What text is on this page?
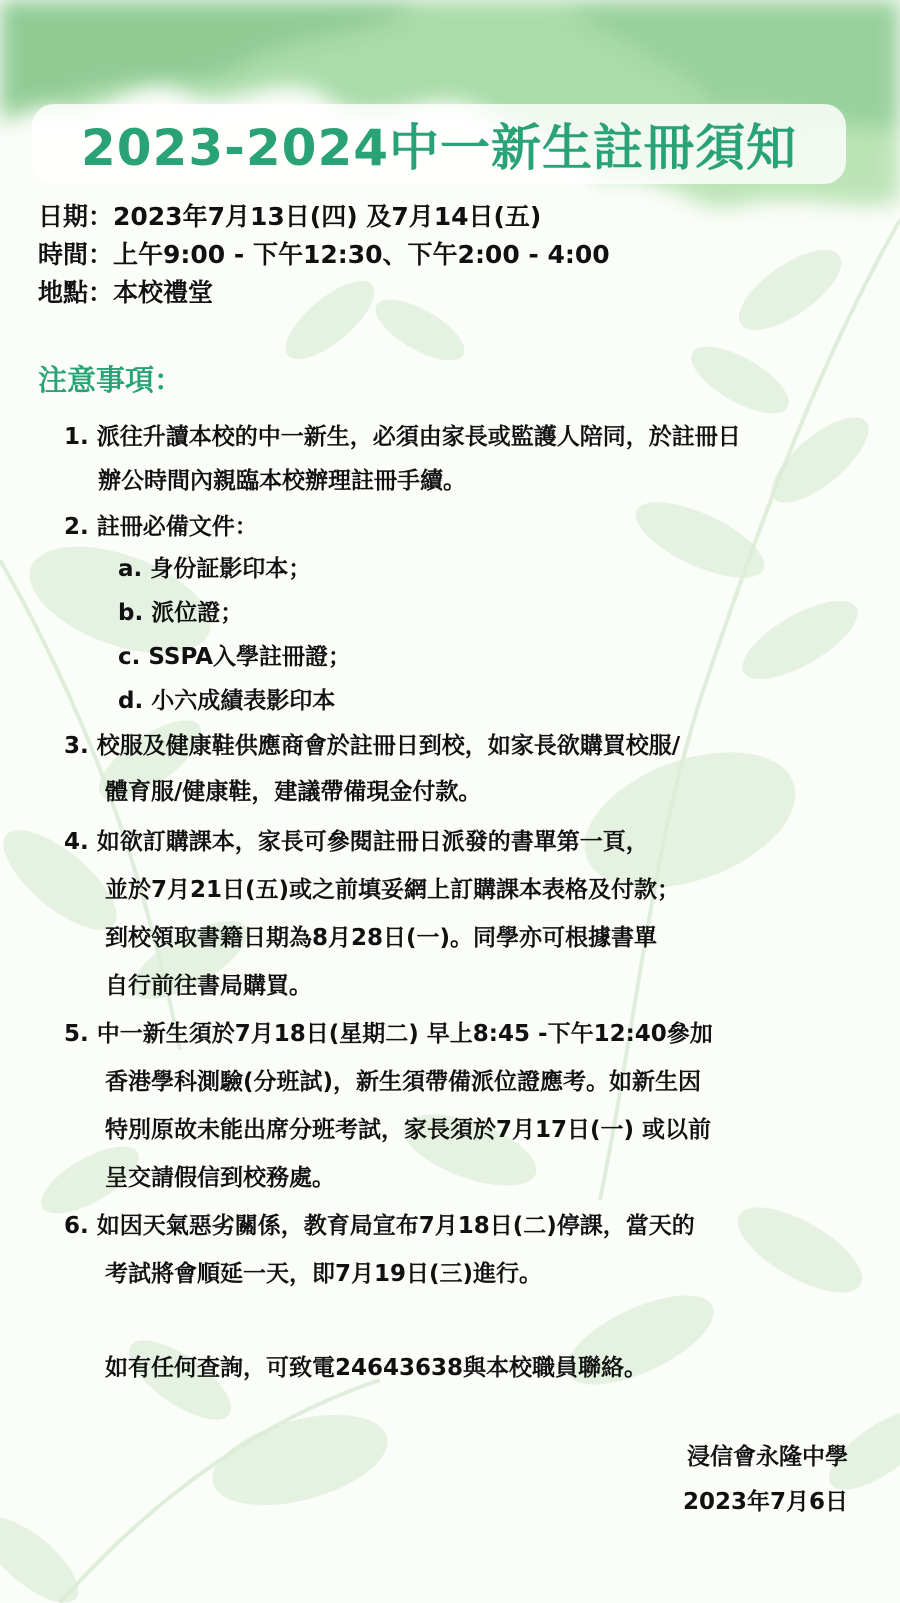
2023-2024中一新生註冊須知
日期：2023年7月13日(四) 及7月14日(五)
時間：上午9:00 - 下午12:30、下午2:00 - 4:00
地點：本校禮堂
注意事項：
1. 派往升讀本校的中一新生，必須由家長或監護人陪同，於註冊日
辦公時間內親臨本校辦理註冊手續。
2. 註冊必備文件：
a. 身份証影印本；
b. 派位證；
c. SSPA入學註冊證；
d. 小六成績表影印本
3. 校服及健康鞋供應商會於註冊日到校，如家長欲購買校服/
體育服/健康鞋，建議帶備現金付款。
4. 如欲訂購課本，家長可參閱註冊日派發的書單第一頁，
並於7月21日(五)或之前填妥網上訂購課本表格及付款；
到校領取書籍日期為8月28日(一)。同學亦可根據書單
自行前往書局購買。
5. 中一新生須於7月18日(星期二) 早上8:45 -下午12:40參加
香港學科測驗(分班試)，新生須帶備派位證應考。如新生因
特別原故未能出席分班考試，家長須於7月17日(一) 或以前
呈交請假信到校務處。
6. 如因天氣惡劣關係，教育局宣布7月18日(二)停課，當天的
考試將會順延一天，即7月19日(三)進行。
如有任何查詢，可致電24643638與本校職員聯絡。
浸信會永隆中學
2023年7月6日
